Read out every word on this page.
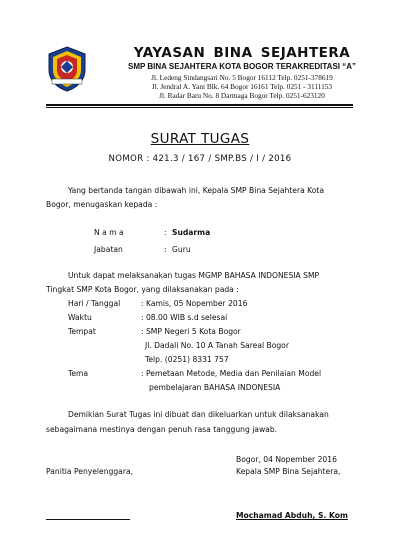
YAYASAN BINA SEJAHTERA
SMP BINA SEJAHTERA KOTA BOGOR TERAKREDITASI “A”
Jl. Ledeng Sindangsari No. 5 Bogor 16112 Telp. 0251-378619
Jl. Jendral A. Yani Blk. 64 Bogor 16161 Telp. 0251 - 3111153
Jl. Radar Baru No. 8 Darmaga Bogor Telp. 0251-623120
SURAT TUGAS
NOMOR : 421.3 / 167 / SMP.BS / I / 2016
Yang bertanda tangan dibawah ini, Kepala SMP Bina Sejahtera Kota
Bogor, menugaskan kepada :
N a m a	: Sudarma
Jabatan	: Guru
Untuk dapat melaksanakan tugas MGMP BAHASA INDONESIA SMP
Tingkat SMP Kota Bogor, yang dilaksanakan pada :
Hari / Tanggal	: Kamis, 05 Nopember 2016
Waktu	: 08.00 WIB s.d selesai
Tempat	: SMP Negeri 5 Kota Bogor
Jl. Dadali No. 10 A Tanah Sareal Bogor
Telp. (0251) 8331 757
Tema	: Pemetaan Metode, Media dan Penilaian Model
pembelajaran BAHASA INDONESIA
Demikian Surat Tugas ini dibuat dan dikeluarkan untuk dilaksanakan
sebagaimana mestinya dengan penuh rasa tanggung jawab.
Bogor, 04 Nopember 2016
Panitia Penyelenggara,	Kepala SMP Bina Sejahtera,
Mochamad Abduh, S. Kom
